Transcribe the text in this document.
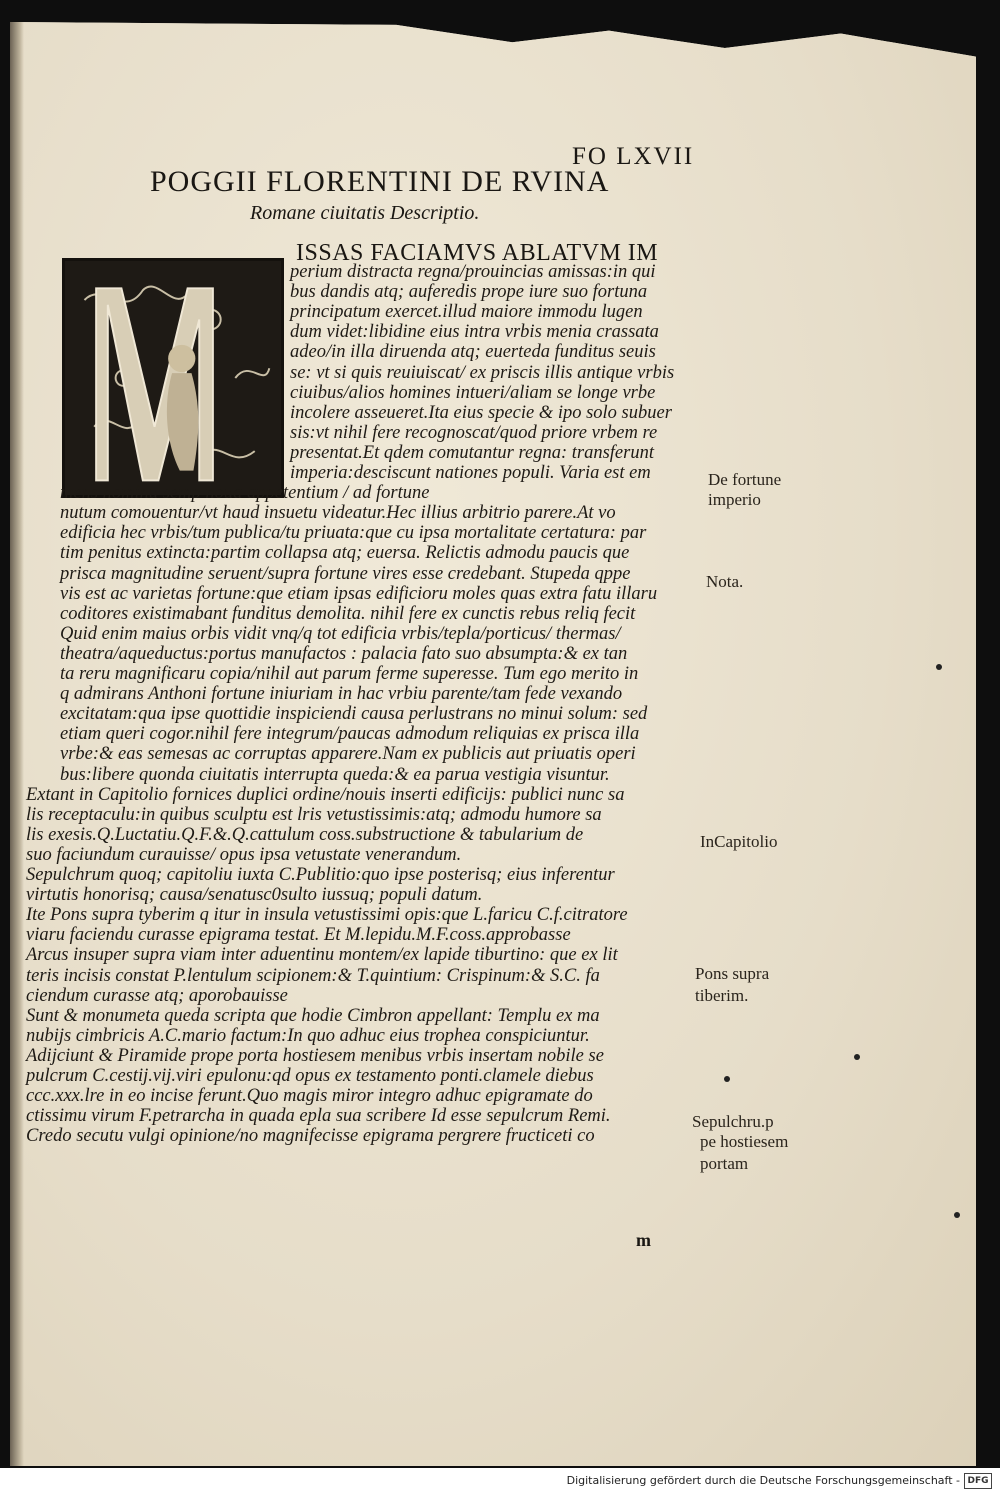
FO LXVII
POGGII FLORENTINI DE RVINA
Romane ciuitatis Descriptio.
ISSAS FACIAMVS ABLATVM IM
perium distracta regna/prouincias amissas:in qui
bus dandis atq; auferedis prope iure suo fortuna
principatum exercet.illud maiore immodu lugen
dum videt:libidine eius intra vrbis menia crassata
adeo/in illa diruenda atq; euerteda funditus seuis
se: vt si quis reuiuiscat/ ex priscis illis antique vrbis
ciuibus/alios homines intueri/aliam se longe vrbe
incolere asseueret.Ita eius specie & ipo solo subuer
sis:vt nihil fere recognoscat/quod priore vrbem re
presentat.Et qdem comutantur regna: transferunt
imperia:desciscunt nationes populi. Varia est em
mens hominu semp noua appetentium / ad fortune
nutum comouentur/vt haud insuetu videatur.Hec illius arbitrio parere.At vo
edificia hec vrbis/tum publica/tu priuata:que cu ipsa mortalitate certatura: par
tim penitus extincta:partim collapsa atq; euersa. Relictis admodu paucis que
prisca magnitudine seruent/supra fortune vires esse credebant. Stupeda qppe
vis est ac varietas fortune:que etiam ipsas edificioru moles quas extra fatu illaru
coditores existimabant funditus demolita. nihil fere ex cunctis rebus reliq fecit
Quid enim maius orbis vidit vnq/q tot edificia vrbis/tepla/porticus/ thermas/
theatra/aqueductus:portus manufactos : palacia fato suo absumpta:& ex tan
ta reru magnificaru copia/nihil aut parum ferme superesse. Tum ego merito in
q admirans Anthoni fortune iniuriam in hac vrbiu parente/tam fede vexando
excitatam:qua ipse quottidie inspiciendi causa perlustrans no minui solum: sed
etiam queri cogor.nihil fere integrum/paucas admodum reliquias ex prisca illa
vrbe:& eas semesas ac corruptas apparere.Nam ex publicis aut priuatis operi
bus:libere quonda ciuitatis interrupta queda:& ea parua vestigia visuntur.
Extant in Capitolio fornices duplici ordine/nouis inserti edificijs: publici nunc sa
lis receptaculu:in quibus sculptu est lris vetustissimis:atq; admodu humore sa
lis exesis.Q.Luctatiu.Q.F.&.Q.cattulum coss.substructione & tabularium de
suo faciundum curauisse/ opus ipsa vetustate venerandum.
Sepulchrum quoq; capitoliu iuxta C.Publitio:quo ipse posterisq; eius inferentur
virtutis honorisq; causa/senatusc0sulto iussuq; populi datum.
Ite Pons supra tyberim q itur in insula vetustissimi opis:que L.faricu C.f.citratore
viaru faciendu curasse epigrama testat. Et M.lepidu.M.F.coss.approbasse
Arcus insuper supra viam inter aduentinu montem/ex lapide tiburtino: que ex lit
teris incisis constat P.lentulum scipionem:& T.quintium: Crispinum:& S.C. fa
ciendum curasse atq; aporobauisse
Sunt & monumeta queda scripta que hodie Cimbron appellant: Templu ex ma
nubijs cimbricis A.C.mario factum:In quo adhuc eius trophea conspiciuntur.
Adijciunt & Piramide prope porta hostiesem menibus vrbis insertam nobile se
pulcrum C.cestij.vij.viri epulonu:qd opus ex testamento ponti.clamele diebus
ccc.xxx.lre in eo incise ferunt.Quo magis miror integro adhuc epigramate do
ctissimu virum F.petrarcha in quada epla sua scribere Id esse sepulcrum Remi.
Credo secutu vulgi opinione/no magnifecisse epigrama pergrere fructiceti co
De fortune
imperio
Nota.
InCapitolio
Pons supra
tiberim.
Sepulchru.p
pe hostiesem
portam
m
Digitalisierung gefördert durch die Deutsche Forschungsgemeinschaft - DFG
